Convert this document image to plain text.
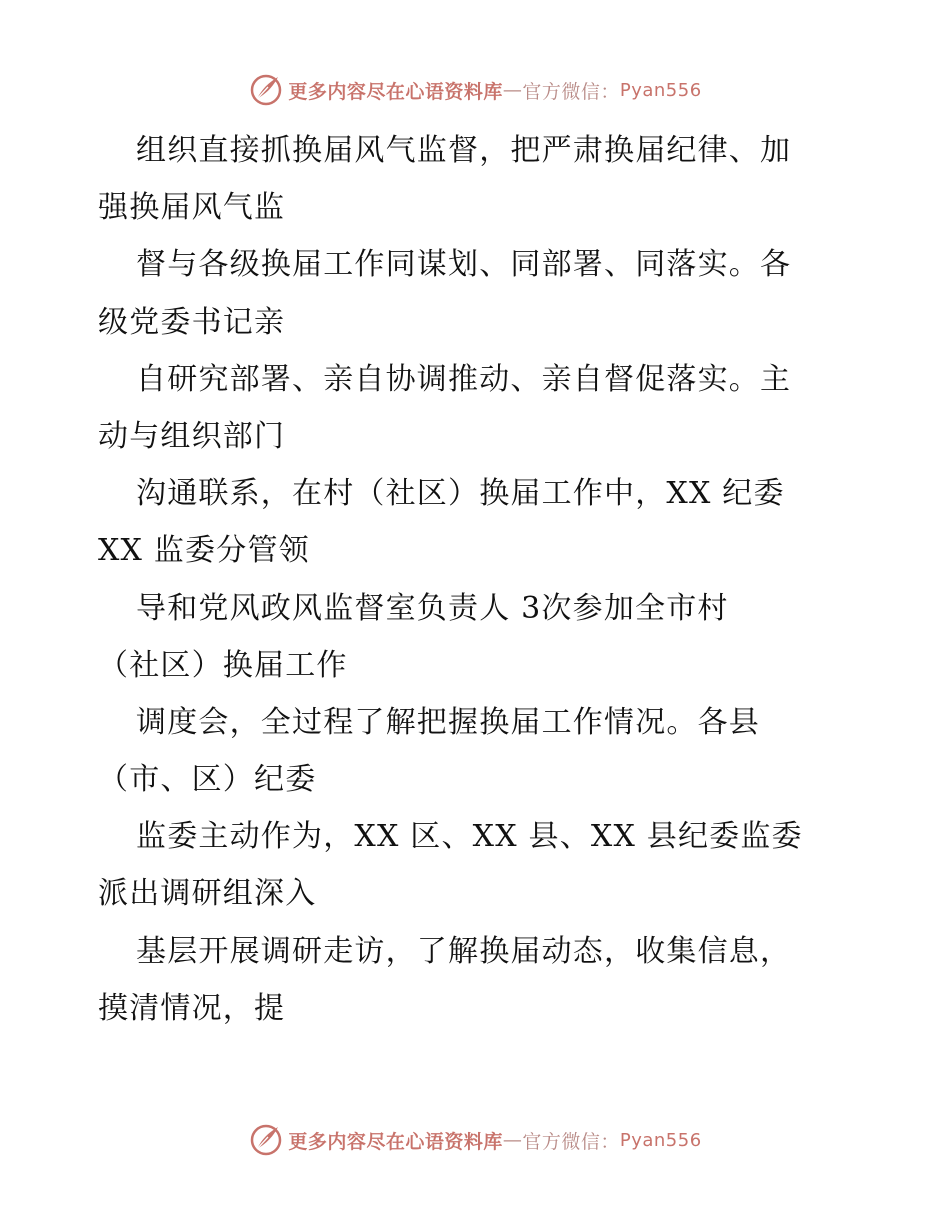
更多内容尽在心语资料库 — 官方微信： Pyan556
组织直接抓换届风气监督，把严肃换届纪律、加
强换届风气监
督与各级换届工作同谋划、同部署、同落实。各
级党委书记亲
自研究部署、亲自协调推动、亲自督促落实。主
动与组织部门
沟通联系，在村（社区）换届工作中，XX 纪委
XX 监委分管领
导和党风政风监督室负责人 3次参加全市村
（社区）换届工作
调度会，全过程了解把握换届工作情况。各县
（市、区）纪委
监委主动作为，XX 区、XX 县、XX 县纪委监委
派出调研组深入
基层开展调研走访，了解换届动态，收集信息，
摸清情况，提
更多内容尽在心语资料库 — 官方微信： Pyan556
